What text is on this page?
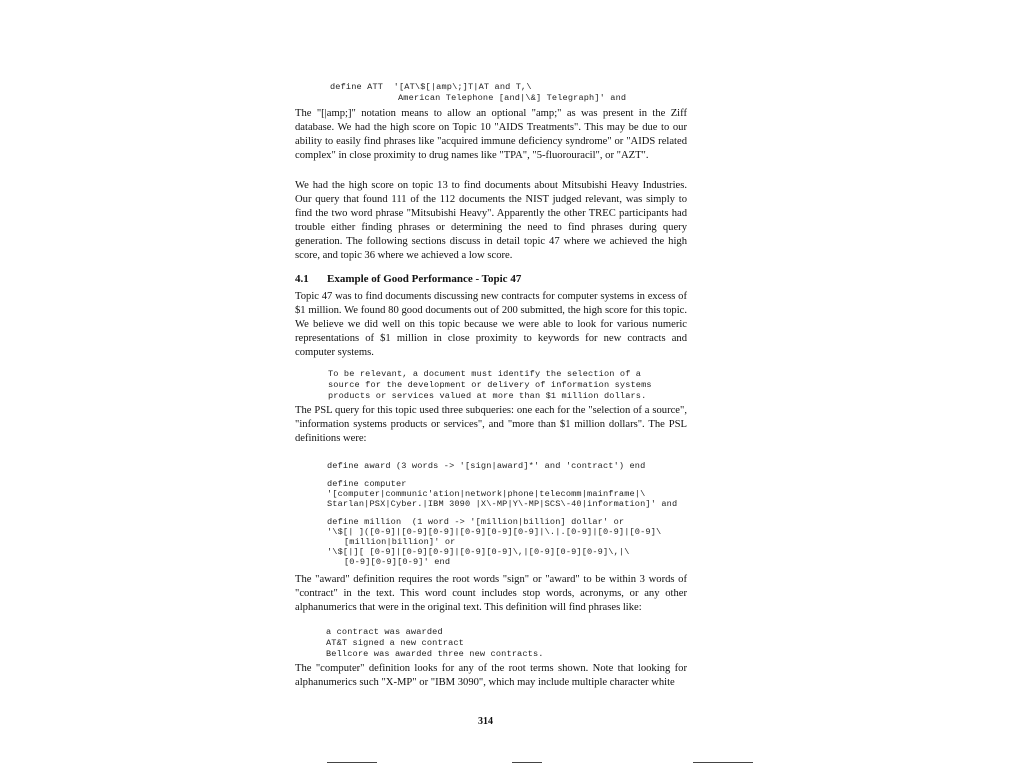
define ATT  '[AT\$[|amp\;]T|AT and T,\
American Telephone [and|\&] Telegraph]' and
The "[|amp;]" notation means to allow an optional "amp;" as was present in the Ziff database. We had the high score on Topic 10 "AIDS Treatments". This may be due to our ability to easily find phrases like "acquired immune deficiency syndrome" or "AIDS related complex" in close proximity to drug names like "TPA", "5-fluorouracil", or "AZT".
We had the high score on topic 13 to find documents about Mitsubishi Heavy Industries. Our query that found 111 of the 112 documents the NIST judged relevant, was simply to find the two word phrase "Mitsubishi Heavy". Apparently the other TREC participants had trouble either finding phrases or determining the need to find phrases during query generation. The following sections discuss in detail topic 47 where we achieved the high score, and topic 36 where we achieved a low score.
4.1 Example of Good Performance - Topic 47
Topic 47 was to find documents discussing new contracts for computer systems in excess of $1 million. We found 80 good documents out of 200 submitted, the high score for this topic. We believe we did well on this topic because we were able to look for various numeric representations of $1 million in close proximity to keywords for new contracts and computer systems.
To be relevant, a document must identify the selection of a
source for the development or delivery of information systems
products or services valued at more than $1 million dollars.
The PSL query for this topic used three subqueries: one each for the "selection of a source", "information systems products or services", and "more than $1 million dollars". The PSL definitions were:
define award (3 words -> '[sign|award]*' and 'contract') end
define computer
'[computer|communic'ation|network|phone|telecomm|mainframe|\
Starlan|PSX|Cyber.|IBM 3090 |X\-MP|Y\-MP|SCS\-40|information]' and
define million  (1 word -> '[million|billion] dollar' or
'\$[| ]([0-9]|[0-9][0-9]|[0-9][0-9][0-9]|\.|.[0-9]|[0-9]|[0-9]\
[million|billion]' or
'\$[|][ [0-9]|[0-9][0-9]|[0-9][0-9]\,|[0-9][0-9][0-9]\,|\
[0-9][0-9][0-9]' end
The "award" definition requires the root words "sign" or "award" to be within 3 words of "contract" in the text. This word count includes stop words, acronyms, or any other alphanumerics that were in the original text. This definition will find phrases like:
a contract was awarded
AT&T signed a new contract
Bellcore was awarded three new contracts.
The "computer" definition looks for any of the root terms shown. Note that looking for alphanumerics such "X-MP" or "IBM 3090", which may include multiple character white
314
